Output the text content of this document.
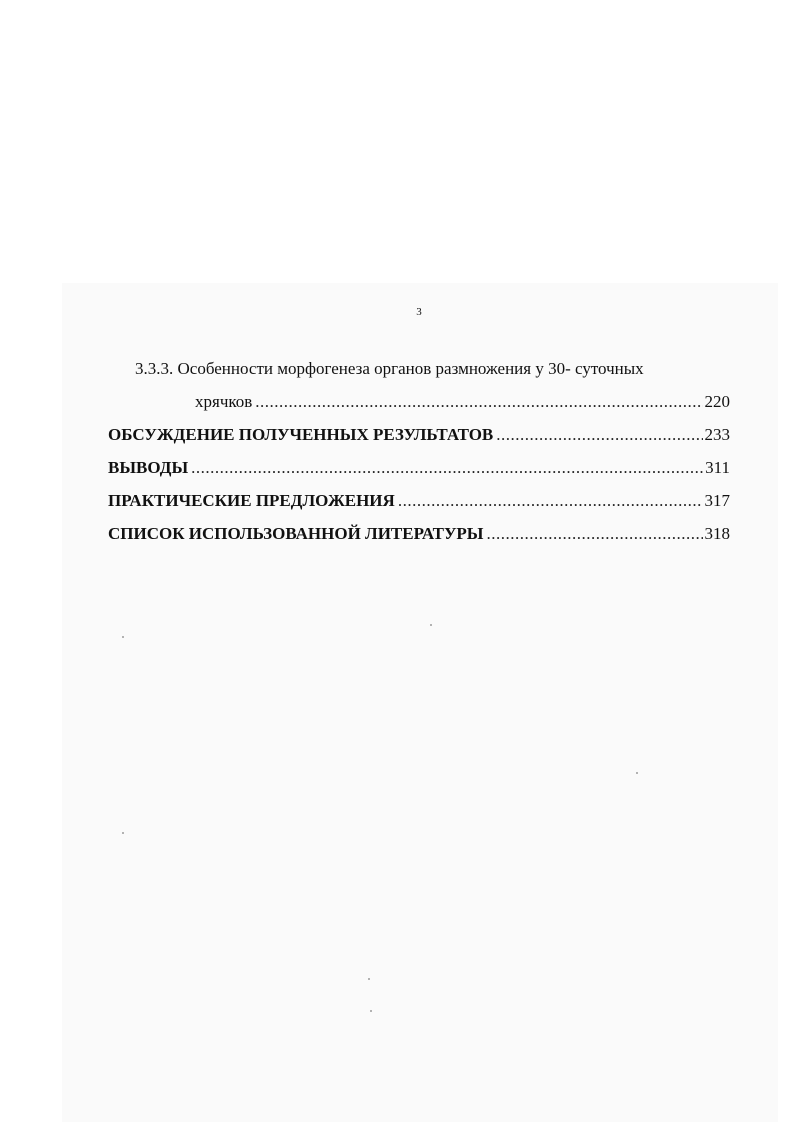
3
3.3.3. Особенности морфогенеза органов размножения у 30- суточных
хрячков .....	220
ОБСУЖДЕНИЕ ПОЛУЧЕННЫХ РЕЗУЛЬТАТОВ .....	233
ВЫВОДЫ .....	311
ПРАКТИЧЕСКИЕ ПРЕДЛОЖЕНИЯ .....	317
СПИСОК ИСПОЛЬЗОВАННОЙ ЛИТЕРАТУРЫ .....	318
